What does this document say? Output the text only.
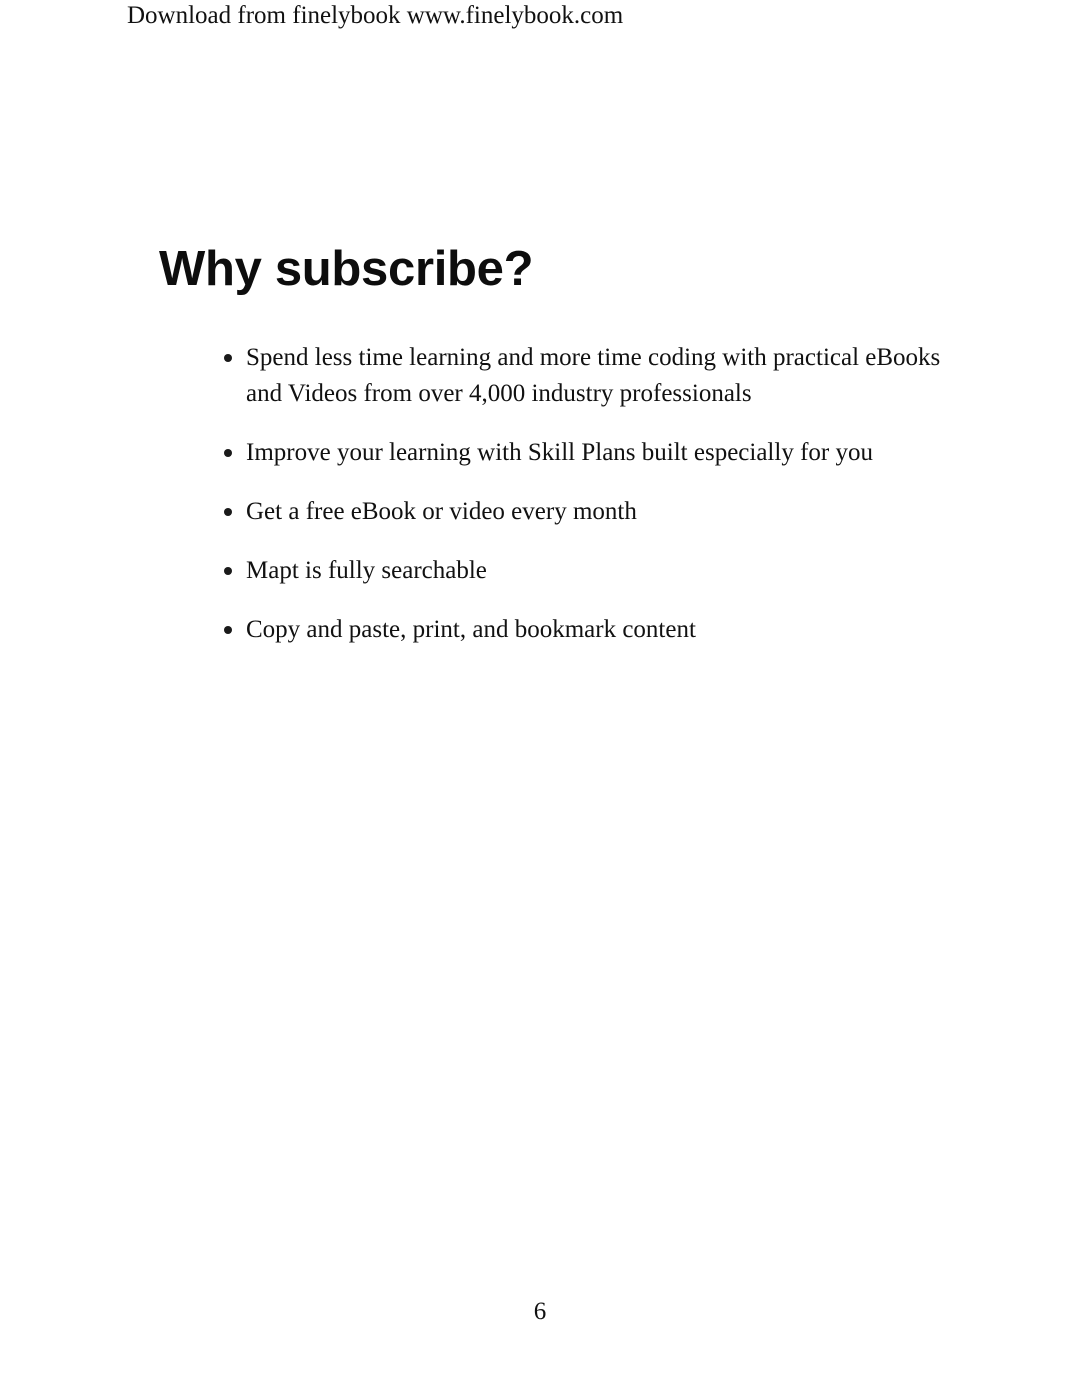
Download from finelybook www.finelybook.com
Why subscribe?
Spend less time learning and more time coding with practical eBooks and Videos from over 4,000 industry professionals
Improve your learning with Skill Plans built especially for you
Get a free eBook or video every month
Mapt is fully searchable
Copy and paste, print, and bookmark content
6
